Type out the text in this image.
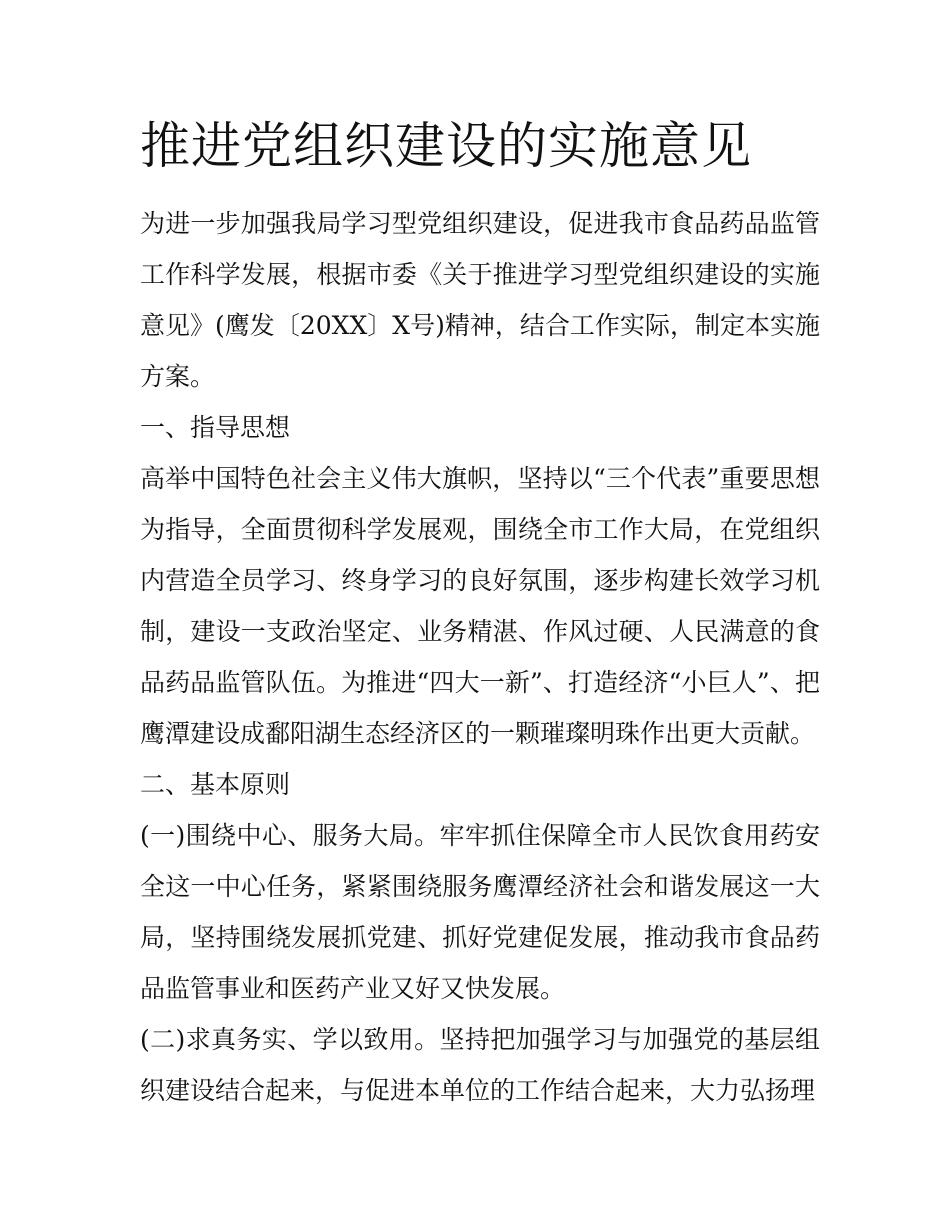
推进党组织建设的实施意见

为进一步加强我局学习型党组织建设，促进我市食品药品监管工作科学发展，根据市委《关于推进学习型党组织建设的实施意见》(鹰发〔20XX〕X号)精神，结合工作实际，制定本实施方案。

一、指导思想

高举中国特色社会主义伟大旗帜，坚持以“三个代表”重要思想为指导，全面贯彻科学发展观，围绕全市工作大局，在党组织内营造全员学习、终身学习的良好氛围，逐步构建长效学习机制，建设一支政治坚定、业务精湛、作风过硬、人民满意的食品药品监管队伍。为推进“四大一新”、打造经济“小巨人”、把鹰潭建设成鄱阳湖生态经济区的一颗璀璨明珠作出更大贡献。

二、基本原则

(一)围绕中心、服务大局。牢牢抓住保障全市人民饮食用药安全这一中心任务，紧紧围绕服务鹰潭经济社会和谐发展这一大局，坚持围绕发展抓党建、抓好党建促发展，推动我市食品药品监管事业和医药产业又好又快发展。

(二)求真务实、学以致用。坚持把加强学习与加强党的基层组织建设结合起来，与促进本单位的工作结合起来，大力弘扬理
